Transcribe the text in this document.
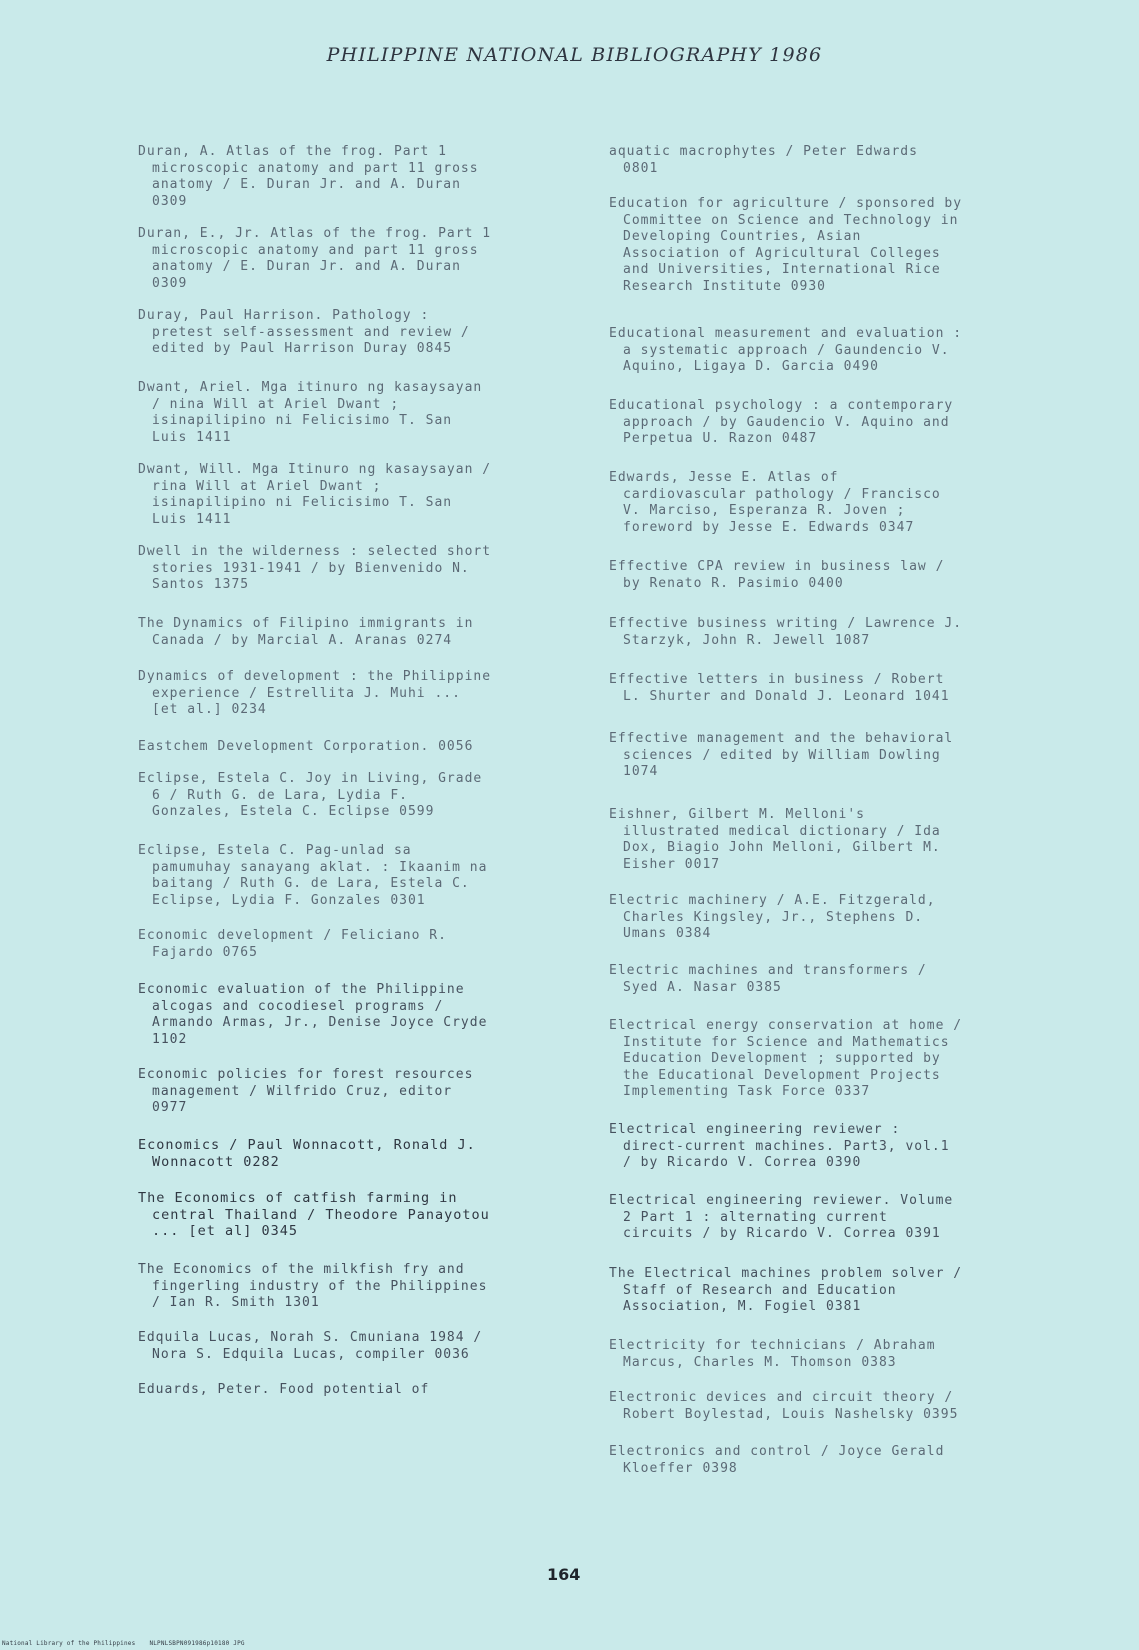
PHILIPPINE NATIONAL BIBLIOGRAPHY 1986
Duran, A. Atlas of the frog. Part 1
microscopic anatomy and part 11 gross
anatomy / E. Duran Jr. and A. Duran
0309
Duran, E., Jr. Atlas of the frog. Part 1
microscopic anatomy and part 11 gross
anatomy / E. Duran Jr. and A. Duran
0309
Duray, Paul Harrison. Pathology :
pretest self-assessment and review /
edited by Paul Harrison Duray 0845
Dwant, Ariel. Mga itinuro ng kasaysayan
/ nina Will at Ariel Dwant ;
isinapilipino ni Felicisimo T. San
Luis 1411
Dwant, Will. Mga Itinuro ng kasaysayan /
rina Will at Ariel Dwant ;
isinapilipino ni Felicisimo T. San
Luis 1411
Dwell in the wilderness : selected short
stories 1931-1941 / by Bienvenido N.
Santos 1375
The Dynamics of Filipino immigrants in
Canada / by Marcial A. Aranas 0274
Dynamics of development : the Philippine
experience / Estrellita J. Muhi ...
[et al.] 0234
Eastchem Development Corporation. 0056
Eclipse, Estela C. Joy in Living, Grade
6 / Ruth G. de Lara, Lydia F.
Gonzales, Estela C. Eclipse 0599
Eclipse, Estela C. Pag-unlad sa
pamumuhay sanayang aklat. : Ikaanim na
baitang / Ruth G. de Lara, Estela C.
Eclipse, Lydia F. Gonzales 0301
Economic development / Feliciano R.
Fajardo 0765
Economic evaluation of the Philippine
alcogas and cocodiesel programs /
Armando Armas, Jr., Denise Joyce Cryde
1102
Economic policies for forest resources
management / Wilfrido Cruz, editor
0977
Economics / Paul Wonnacott, Ronald J.
Wonnacott 0282
The Economics of catfish farming in
central Thailand / Theodore Panayotou
... [et al] 0345
The Economics of the milkfish fry and
fingerling industry of the Philippines
/ Ian R. Smith 1301
Edquila Lucas, Norah S. Cmuniana 1984 /
Nora S. Edquila Lucas, compiler 0036
Eduards, Peter. Food potential of
aquatic macrophytes / Peter Edwards
0801
Education for agriculture / sponsored by
Committee on Science and Technology in
Developing Countries, Asian
Association of Agricultural Colleges
and Universities, International Rice
Research Institute 0930
Educational measurement and evaluation :
a systematic approach / Gaundencio V.
Aquino, Ligaya D. Garcia 0490
Educational psychology : a contemporary
approach / by Gaudencio V. Aquino and
Perpetua U. Razon 0487
Edwards, Jesse E. Atlas of
cardiovascular pathology / Francisco
V. Marciso, Esperanza R. Joven ;
foreword by Jesse E. Edwards 0347
Effective CPA review in business law /
by Renato R. Pasimio 0400
Effective business writing / Lawrence J.
Starzyk, John R. Jewell 1087
Effective letters in business / Robert
L. Shurter and Donald J. Leonard 1041
Effective management and the behavioral
sciences / edited by William Dowling
1074
Eishner, Gilbert M. Melloni's
illustrated medical dictionary / Ida
Dox, Biagio John Melloni, Gilbert M.
Eisher 0017
Electric machinery / A.E. Fitzgerald,
Charles Kingsley, Jr., Stephens D.
Umans 0384
Electric machines and transformers /
Syed A. Nasar 0385
Electrical energy conservation at home /
Institute for Science and Mathematics
Education Development ; supported by
the Educational Development Projects
Implementing Task Force 0337
Electrical engineering reviewer :
direct-current machines. Part3, vol.1
/ by Ricardo V. Correa 0390
Electrical engineering reviewer. Volume
2 Part 1 : alternating current
circuits / by Ricardo V. Correa 0391
The Electrical machines problem solver /
Staff of Research and Education
Association, M. Fogiel 0381
Electricity for technicians / Abraham
Marcus, Charles M. Thomson 0383
Electronic devices and circuit theory /
Robert Boylestad, Louis Nashelsky 0395
Electronics and control / Joyce Gerald
Kloeffer 0398
164
National Library of the Philippines NLPNLSBPN091986p10180 JPG
